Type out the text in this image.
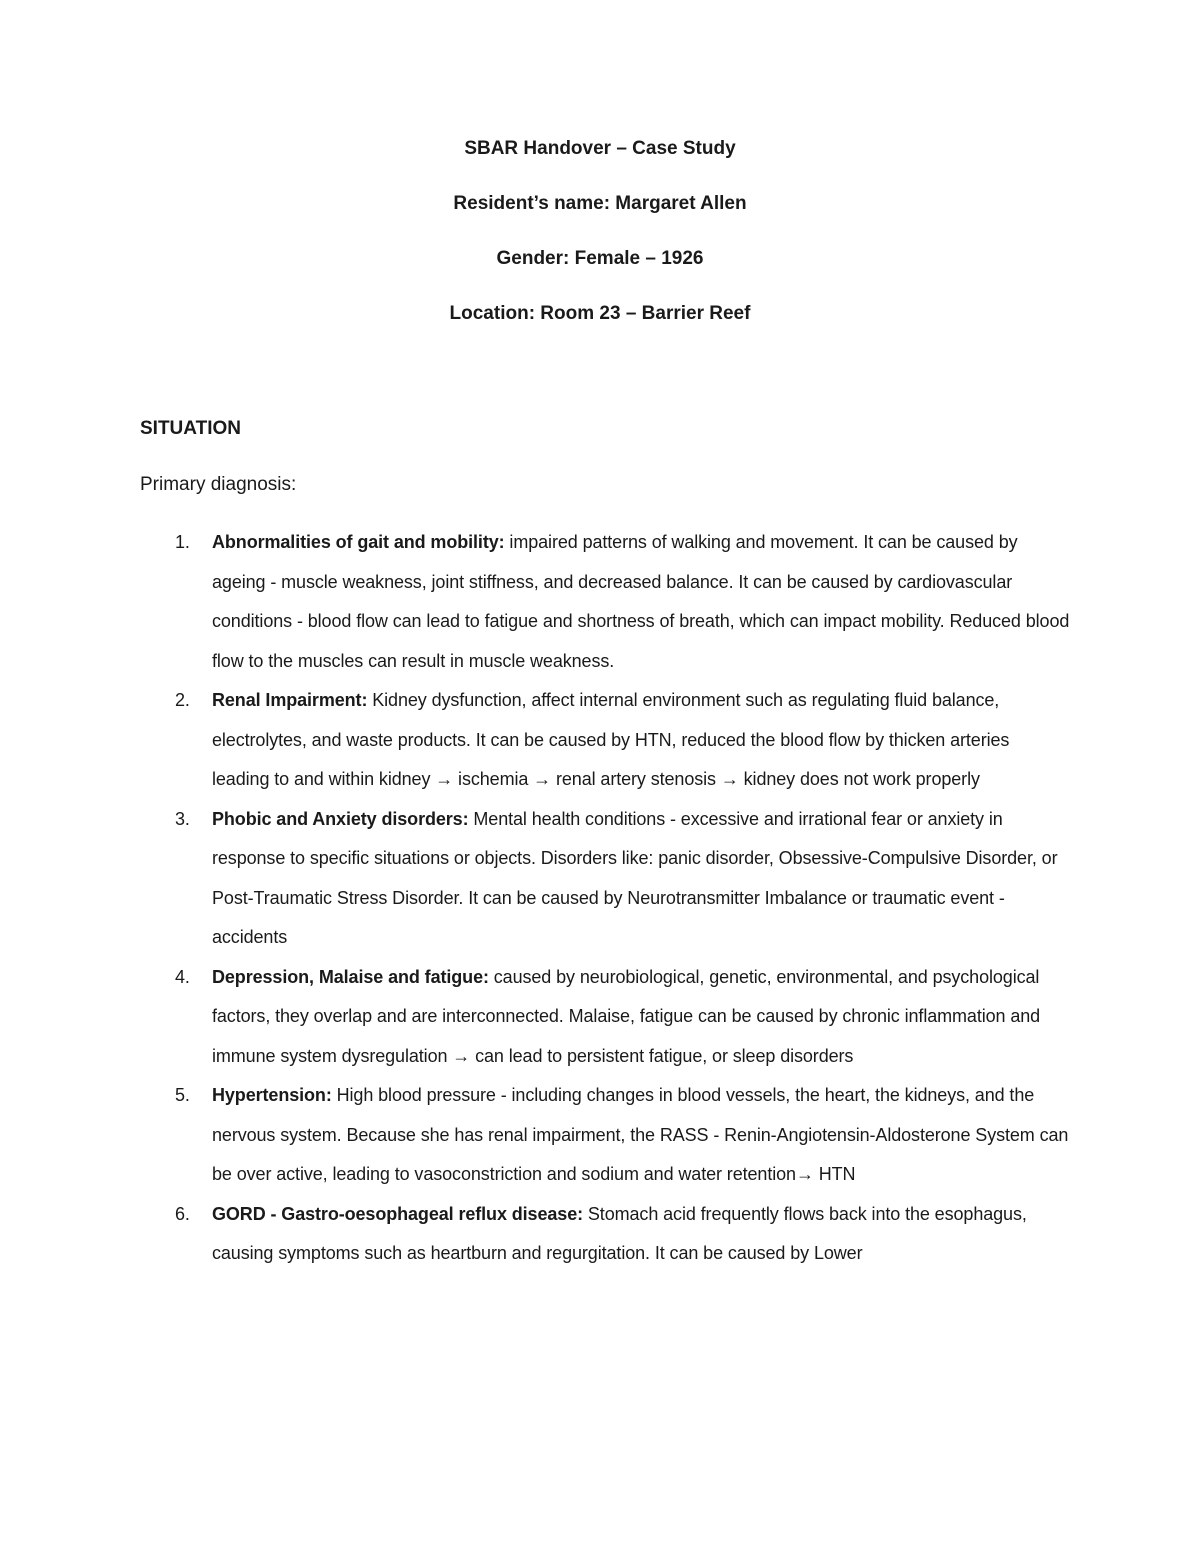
SBAR Handover – Case Study
Resident’s name: Margaret Allen
Gender: Female – 1926
Location: Room 23 – Barrier Reef
SITUATION
Primary diagnosis:
1. Abnormalities of gait and mobility: impaired patterns of walking and movement. It can be caused by ageing - muscle weakness, joint stiffness, and decreased balance. It can be caused by cardiovascular conditions - blood flow can lead to fatigue and shortness of breath, which can impact mobility. Reduced blood flow to the muscles can result in muscle weakness.
2. Renal Impairment: Kidney dysfunction, affect internal environment such as regulating fluid balance, electrolytes, and waste products. It can be caused by HTN, reduced the blood flow by thicken arteries leading to and within kidney → ischemia → renal artery stenosis → kidney does not work properly
3. Phobic and Anxiety disorders: Mental health conditions - excessive and irrational fear or anxiety in response to specific situations or objects. Disorders like: panic disorder, Obsessive-Compulsive Disorder, or Post-Traumatic Stress Disorder. It can be caused by Neurotransmitter Imbalance or traumatic event - accidents
4. Depression, Malaise and fatigue: caused by neurobiological, genetic, environmental, and psychological factors, they overlap and are interconnected. Malaise, fatigue can be caused by chronic inflammation and immune system dysregulation → can lead to persistent fatigue, or sleep disorders
5. Hypertension: High blood pressure - including changes in blood vessels, the heart, the kidneys, and the nervous system. Because she has renal impairment, the RASS - Renin-Angiotensin-Aldosterone System can be over active, leading to vasoconstriction and sodium and water retention→ HTN
6. GORD - Gastro-oesophageal reflux disease: Stomach acid frequently flows back into the esophagus, causing symptoms such as heartburn and regurgitation. It can be caused by Lower
